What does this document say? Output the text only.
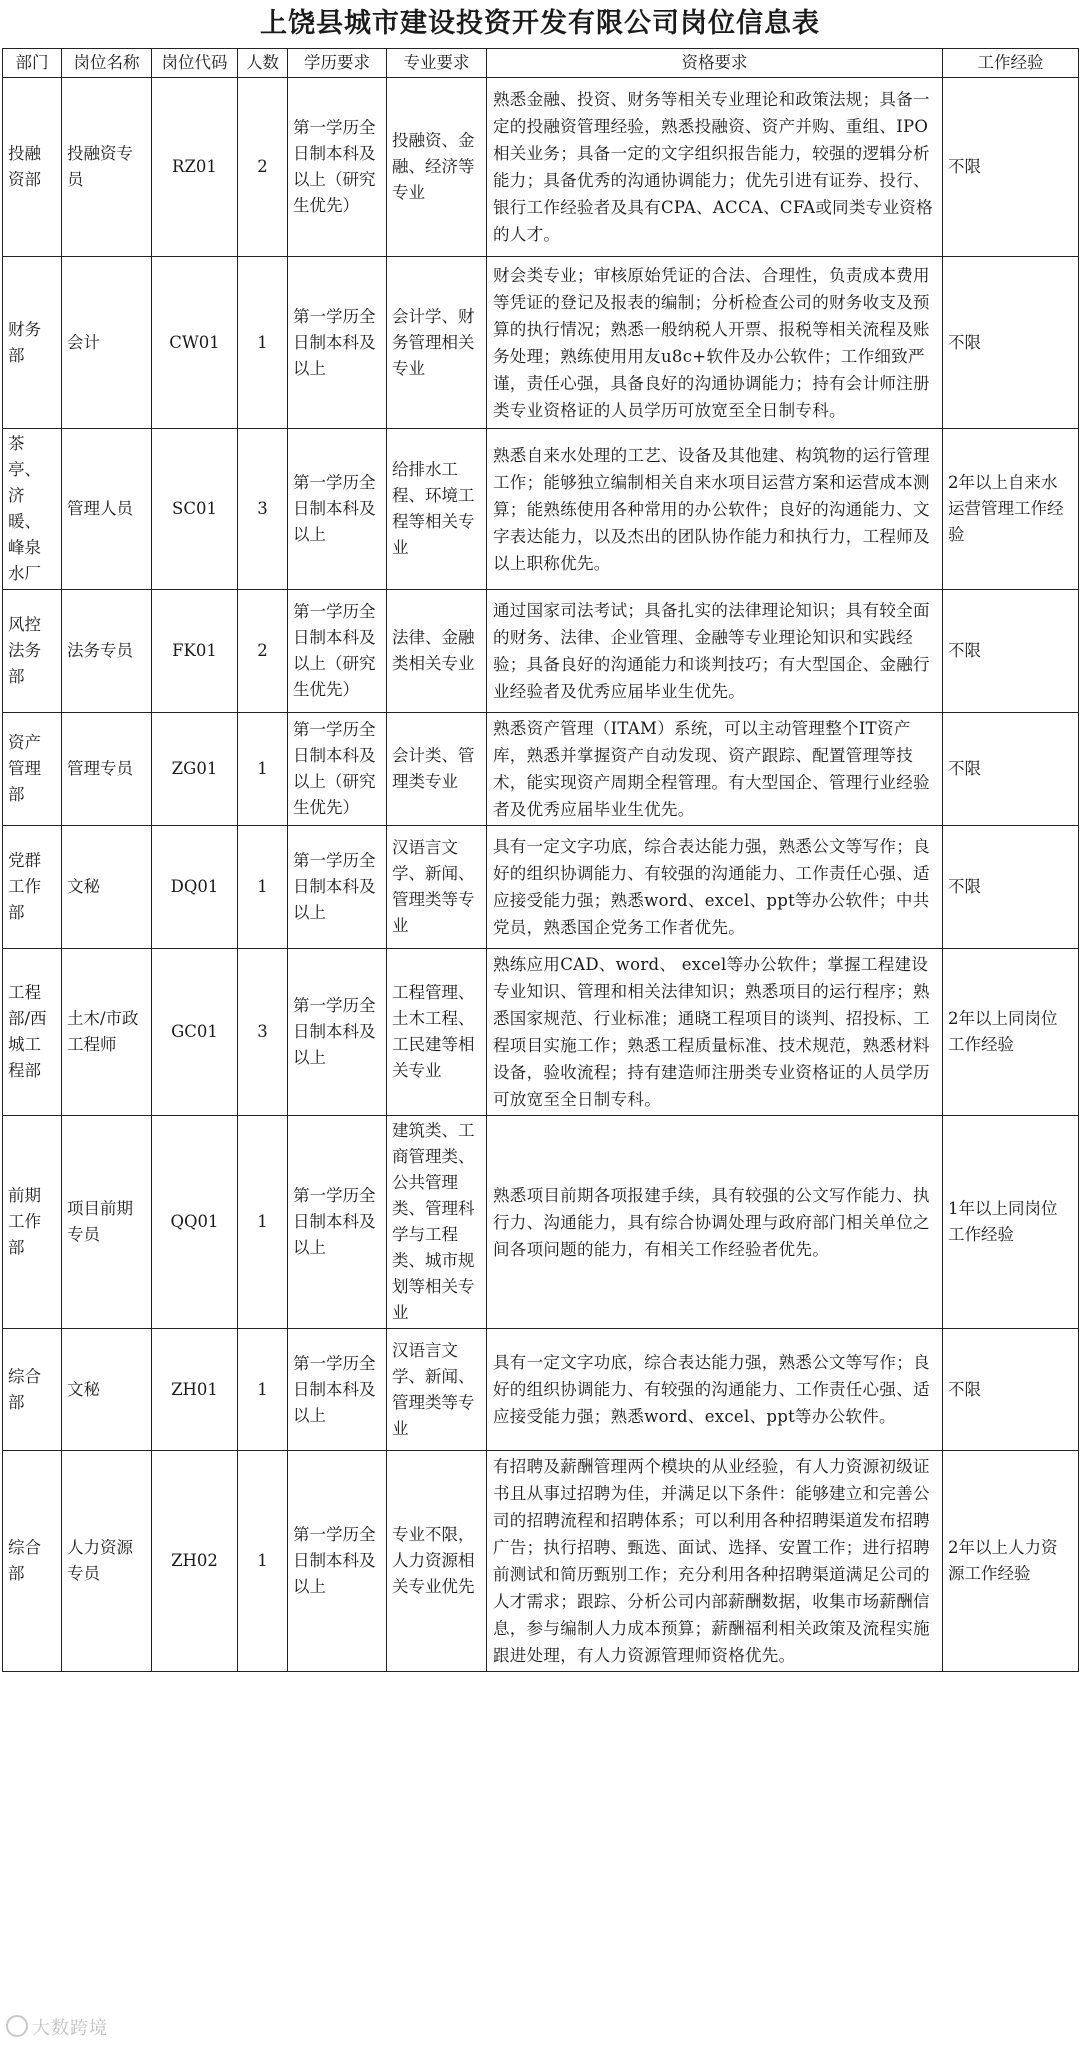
上饶县城市建设投资开发有限公司岗位信息表
部门	岗位名称	岗位代码	人数	学历要求	专业要求	资格要求	工作经验
投融资部	投融资专员	RZ01	2	第一学历全日制本科及以上（研究生优先）	投融资、金融、经济等专业	熟悉金融、投资、财务等相关专业理论和政策法规；具备一定的投融资管理经验，熟悉投融资、资产并购、重组、IPO相关业务；具备一定的文字组织报告能力，较强的逻辑分析能力；具备优秀的沟通协调能力；优先引进有证券、投行、银行工作经验者及具有CPA、ACCA、CFA或同类专业资格的人才。	不限
财务部	会计	CW01	1	第一学历全日制本科及以上	会计学、财务管理相关专业	财会类专业；审核原始凭证的合法、合理性，负责成本费用等凭证的登记及报表的编制；分析检查公司的财务收支及预算的执行情况；熟悉一般纳税人开票、报税等相关流程及账务处理；熟练使用用友u8c+软件及办公软件；工作细致严谨，责任心强，具备良好的沟通协调能力；持有会计师注册类专业资格证的人员学历可放宽至全日制专科。	不限
茶亭、济暖、峰泉水厂	管理人员	SC01	3	第一学历全日制本科及以上	给排水工程、环境工程等相关专业	熟悉自来水处理的工艺、设备及其他建、构筑物的运行管理工作；能够独立编制相关自来水项目运营方案和运营成本测算；能熟练使用各种常用的办公软件；良好的沟通能力、文字表达能力，以及杰出的团队协作能力和执行力，工程师及以上职称优先。	2年以上自来水运营管理工作经验
风控法务部	法务专员	FK01	2	第一学历全日制本科及以上（研究生优先）	法律、金融类相关专业	通过国家司法考试；具备扎实的法律理论知识；具有较全面的财务、法律、企业管理、金融等专业理论知识和实践经验；具备良好的沟通能力和谈判技巧；有大型国企、金融行业经验者及优秀应届毕业生优先。	不限
资产管理部	管理专员	ZG01	1	第一学历全日制本科及以上（研究生优先）	会计类、管理类专业	熟悉资产管理（ITAM）系统，可以主动管理整个IT资产库，熟悉并掌握资产自动发现、资产跟踪、配置管理等技术，能实现资产周期全程管理。有大型国企、管理行业经验者及优秀应届毕业生优先。	不限
党群工作部	文秘	DQ01	1	第一学历全日制本科及以上	汉语言文学、新闻、管理类等专业	具有一定文字功底，综合表达能力强，熟悉公文等写作；良好的组织协调能力、有较强的沟通能力、工作责任心强、适应接受能力强；熟悉word、excel、ppt等办公软件；中共党员，熟悉国企党务工作者优先。	不限
工程部/西城工程部	土木/市政工程师	GC01	3	第一学历全日制本科及以上	工程管理、土木工程、工民建等相关专业	熟练应用CAD、word、 excel等办公软件；掌握工程建设专业知识、管理和相关法律知识；熟悉项目的运行程序；熟悉国家规范、行业标准；通晓工程项目的谈判、招投标、工程项目实施工作；熟悉工程质量标准、技术规范，熟悉材料设备，验收流程；持有建造师注册类专业资格证的人员学历可放宽至全日制专科。	2年以上同岗位工作经验
前期工作部	项目前期专员	QQ01	1	第一学历全日制本科及以上	建筑类、工商管理类、公共管理类、管理科学与工程类、城市规划等相关专业	熟悉项目前期各项报建手续，具有较强的公文写作能力、执行力、沟通能力，具有综合协调处理与政府部门相关单位之间各项问题的能力，有相关工作经验者优先。	1年以上同岗位工作经验
综合部	文秘	ZH01	1	第一学历全日制本科及以上	汉语言文学、新闻、管理类等专业	具有一定文字功底，综合表达能力强，熟悉公文等写作；良好的组织协调能力、有较强的沟通能力、工作责任心强、适应接受能力强；熟悉word、excel、ppt等办公软件。	不限
综合部	人力资源专员	ZH02	1	第一学历全日制本科及以上	专业不限，人力资源相关专业优先	有招聘及薪酬管理两个模块的从业经验，有人力资源初级证书且从事过招聘为佳，并满足以下条件：能够建立和完善公司的招聘流程和招聘体系；可以利用各种招聘渠道发布招聘广告；执行招聘、甄选、面试、选择、安置工作；进行招聘前测试和简历甄别工作；充分利用各种招聘渠道满足公司的人才需求；跟踪、分析公司内部薪酬数据，收集市场薪酬信息，参与编制人力成本预算；薪酬福利相关政策及流程实施跟进处理，有人力资源管理师资格优先。	2年以上人力资源工作经验
大数跨境
